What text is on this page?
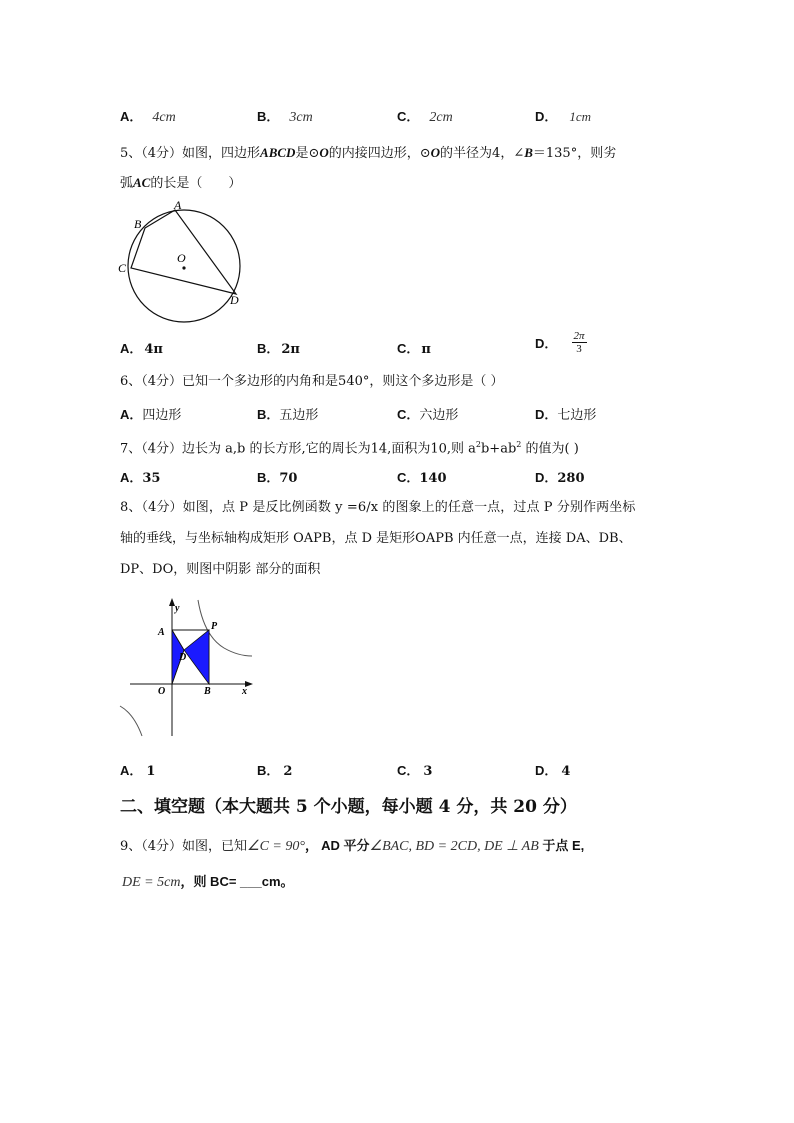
A． 4cm	B． 3cm	C． 2cm	D． 1cm
5、（4分）如图，四边形ABCD是⊙O的内接四边形，⊙O的半径为4，∠B＝135°，则劣
弧AC的长是（　　）
A
B
C
D
O
A． 4π	B． 2π	C． π	D． $\frac{2\pi}{3}$
6、（4分）已知一个多边形的内角和是540°，则这个多边形是（ ）
A．四边形	B．五边形	C．六边形	D．七边形
7、（4分）边长为 a,b 的长方形,它的周长为14,面积为10,则 $a^2b+ab^2$ 的值为( )
A．35	B．70	C．140	D．280
8、（4分）如图，点 P 是反比例函数 y =6/x 的图象上的任意一点，过点 P 分别作两坐标
轴的垂线，与坐标轴构成矩形 OAPB，点 D 是矩形OAPB 内任意一点，连接 DA、DB、
DP、DO，则图中阴影 部分的面积
y
x
A
P
D
O	B
A． 1	B． 2	C． 3	D． 4
二、填空题（本大题共 5 个小题，每小题 4 分，共 20 分）
9、（4分）如图，已知∠C = 90°， AD 平分∠BAC, BD = 2CD, DE ⊥ AB 于点 E,
DE = 5cm，则 BC= ___cm。
